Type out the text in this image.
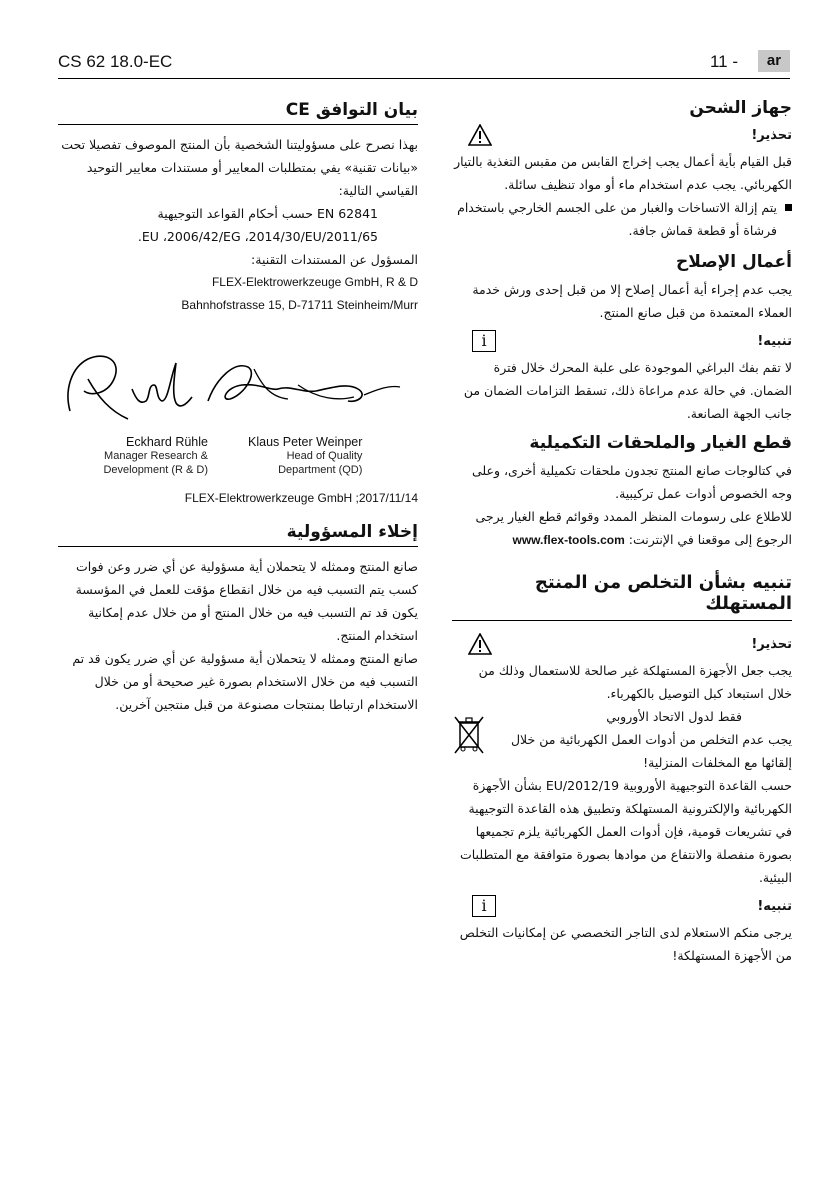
CS 62 18.0-EC	11 -	ar
جهاز الشحن
تحذير!

قبل القيام بأية أعمال يجب إخراج القابس من مقبس التغذية بالتيار الكهربائي. يجب عدم استخدام ماء أو مواد تنظيف سائلة.

يتم إزالة الاتساخات والغبار من على الجسم الخارجي باستخدام فرشاة أو قطعة قماش جافة.

أعمال الإصلاح

يجب عدم إجراء أية أعمال إصلاح إلا من قبل إحدى ورش خدمة العملاء المعتمدة من قبل صانع المنتج.

تنبيه!
i

لا تقم بفك البراغي الموجودة على علبة المحرك خلال فترة الضمان. في حالة عدم مراعاة ذلك، تسقط التزامات الضمان من جانب الجهة الصانعة.

قطع الغيار والملحقات التكميلية

في كتالوجات صانع المنتج تجدون ملحقات تكميلية أخرى، وعلى وجه الخصوص أدوات عمل تركيبية.

للاطلاع على رسومات المنظر الممدد وقوائم قطع الغيار يرجى الرجوع إلى موقعنا في الإنترنت: www.flex-tools.com

تنبيه بشأن التخلص من المنتج المستهلك
تحذير!

يجب جعل الأجهزة المستهلكة غير صالحة للاستعمال وذلك من خلال استبعاد كبل التوصيل بالكهرباء.

فقط لدول الاتحاد الأوروبي

يجب عدم التخلص من أدوات العمل الكهربائية من خلال إلقائها مع المخلفات المنزلية!

حسب القاعدة التوجيهية الأوروبية 2012/19/EU بشأن الأجهزة الكهربائية والإلكترونية المستهلكة وتطبيق هذه القاعدة التوجيهية في تشريعات قومية، فإن أدوات العمل الكهربائية يلزم تجميعها بصورة منفصلة والانتفاع من موادها بصورة متوافقة مع المتطلبات البيئية.

تنبيه!
i

يرجى منكم الاستعلام لدى التاجر التخصصي عن إمكانيات التخلص من الأجهزة المستهلكة!

بيان التوافق CE

بهذا نصرح على مسؤوليتنا الشخصية بأن المنتج الموصوف تفصيلا تحت «بيانات تقنية» يفي بمتطلبات المعايير أو مستندات معايير التوحيد القياسي التالية:

EN 62841 حسب أحكام القواعد التوجيهية

2011/65/EU ،2006/42/EG ،2014/30/EU.

المسؤول عن المستندات التقنية:

FLEX-Elektrowerkzeuge GmbH, R & D

Bahnhofstrasse 15, D-71711 Steinheim/Murr

Eckhard Rühle
Manager Research &
Development (R & D)
Klaus Peter Weinper
Head of Quality
Department (QD)

FLEX-Elektrowerkzeuge GmbH ;2017/11/14

إخلاء المسؤولية

صانع المنتج وممثله لا يتحملان أية مسؤولية عن أي ضرر وعن فوات كسب يتم التسبب فيه من خلال انقطاع مؤقت للعمل في المؤسسة يكون قد تم التسبب فيه من خلال المنتج أو من خلال عدم إمكانية استخدام المنتج.

صانع المنتج وممثله لا يتحملان أية مسؤولية عن أي ضرر يكون قد تم التسبب فيه من خلال الاستخدام بصورة غير صحيحة أو من خلال الاستخدام ارتباطا بمنتجات مصنوعة من قبل منتجين آخرين.
